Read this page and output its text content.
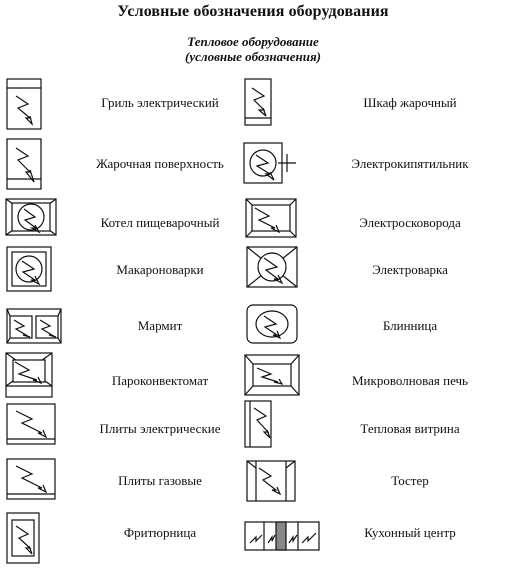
Условные обозначения оборудования
Тепловое оборудование
(условные обозначения)
Гриль электрический	Шкаф жарочный
Жарочная поверхность	Электрокипятильник
Котел пищеварочный	Электросковорода
Макароноварки	Электроварка
Мармит	Блинница
Пароконвектомат	Микроволновая печь
Плиты электрические	Тепловая витрина
Плиты газовые	Тостер
Фритюрница	Кухонный центр
